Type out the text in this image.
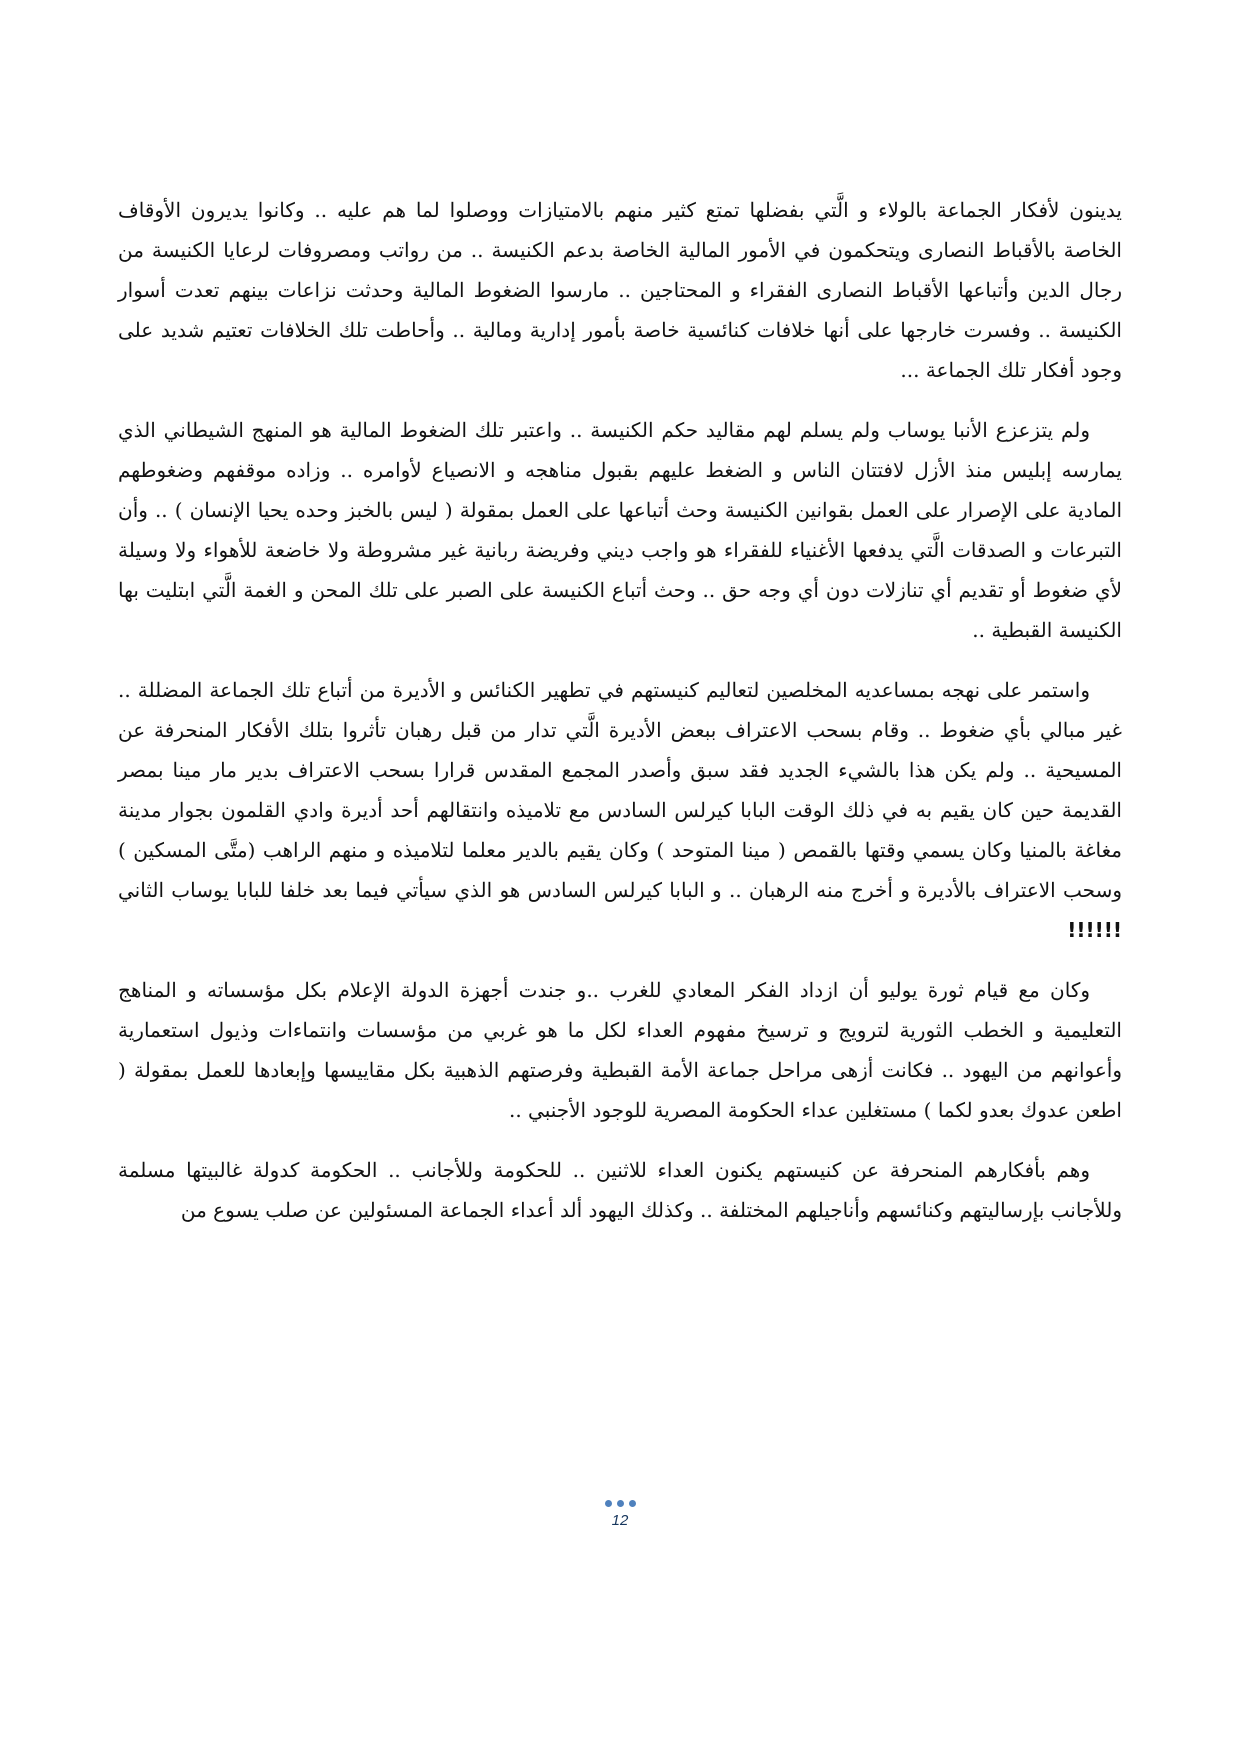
يدينون لأفكار الجماعة بالولاء و الَّتي بفضلها تمتع كثير منهم بالامتيازات ووصلوا لما هم عليه .. وكانوا يديرون الأوقاف الخاصة بالأقباط النصارى ويتحكمون في الأمور المالية الخاصة بدعم الكنيسة .. من رواتب ومصروفات لرعايا الكنيسة من رجال الدين وأتباعها الأقباط النصارى الفقراء و المحتاجين .. مارسوا الضغوط المالية وحدثت نزاعات بينهم تعدت أسوار الكنيسة .. وفسرت خارجها على أنها خلافات كنائسية خاصة بأمور إدارية ومالية .. وأحاطت تلك الخلافات تعتيم شديد على وجود أفكار تلك الجماعة ...

ولم يتزعزع الأنبا يوساب ولم يسلم لهم مقاليد حكم الكنيسة .. واعتبر تلك الضغوط المالية هو المنهج الشيطاني الذي يمارسه إبليس منذ الأزل لافتتان الناس و الضغط عليهم بقبول مناهجه و الانصياع لأوامره .. وزاده موقفهم وضغوطهم المادية على الإصرار على العمل بقوانين الكنيسة وحث أتباعها على العمل بمقولة ( ليس بالخبز وحده يحيا الإنسان ) .. وأن التبرعات و الصدقات الَّتي يدفعها الأغنياء للفقراء هو واجب ديني وفريضة ربانية غير مشروطة ولا خاضعة للأهواء ولا وسيلة لأي ضغوط أو تقديم أي تنازلات دون أي وجه حق .. وحث أتباع الكنيسة على الصبر على تلك المحن و الغمة الَّتي ابتليت بها الكنيسة القبطية ..

واستمر على نهجه بمساعديه المخلصين لتعاليم كنيستهم في تطهير الكنائس و الأديرة من أتباع تلك الجماعة المضللة .. غير مبالي بأي ضغوط .. وقام بسحب الاعتراف ببعض الأديرة الَّتي تدار من قبل رهبان تأثروا بتلك الأفكار المنحرفة عن المسيحية .. ولم يكن هذا بالشيء الجديد فقد سبق وأصدر المجمع المقدس قرارا بسحب الاعتراف بدير مار مينا بمصر القديمة حين كان يقيم به في ذلك الوقت البابا كيرلس السادس مع تلاميذه وانتقالهم أحد أديرة وادي القلمون بجوار مدينة مغاغة بالمنيا وكان يسمي وقتها بالقمص ( مينا المتوحد ) وكان يقيم بالدير معلما لتلاميذه و منهم الراهب (متَّى المسكين ) وسحب الاعتراف بالأديرة و أخرج منه الرهبان .. و البابا كيرلس السادس هو الذي سيأتي فيما بعد خلفا للبابا يوساب الثاني !!!!!!

وكان مع قيام ثورة يوليو أن ازداد الفكر المعادي للغرب ..و جندت أجهزة الدولة الإعلام بكل مؤسساته و المناهج التعليمية و الخطب الثورية لترويج و ترسيخ مفهوم العداء لكل ما هو غربي من مؤسسات وانتماءات وذيول استعمارية وأعوانهم من اليهود .. فكانت أزهى مراحل جماعة الأمة القبطية وفرصتهم الذهبية بكل مقاييسها وإبعادها للعمل بمقولة ( اطعن عدوك بعدو لكما ) مستغلين عداء الحكومة المصرية للوجود الأجنبي ..

وهم بأفكارهم المنحرفة عن كنيستهم يكنون العداء للاثنين .. للحكومة وللأجانب .. الحكومة كدولة غالبيتها مسلمة وللأجانب بإرساليتهم وكنائسهم وأناجيلهم المختلفة .. وكذلك اليهود ألد أعداء الجماعة المسئولين عن صلب يسوع من

12
